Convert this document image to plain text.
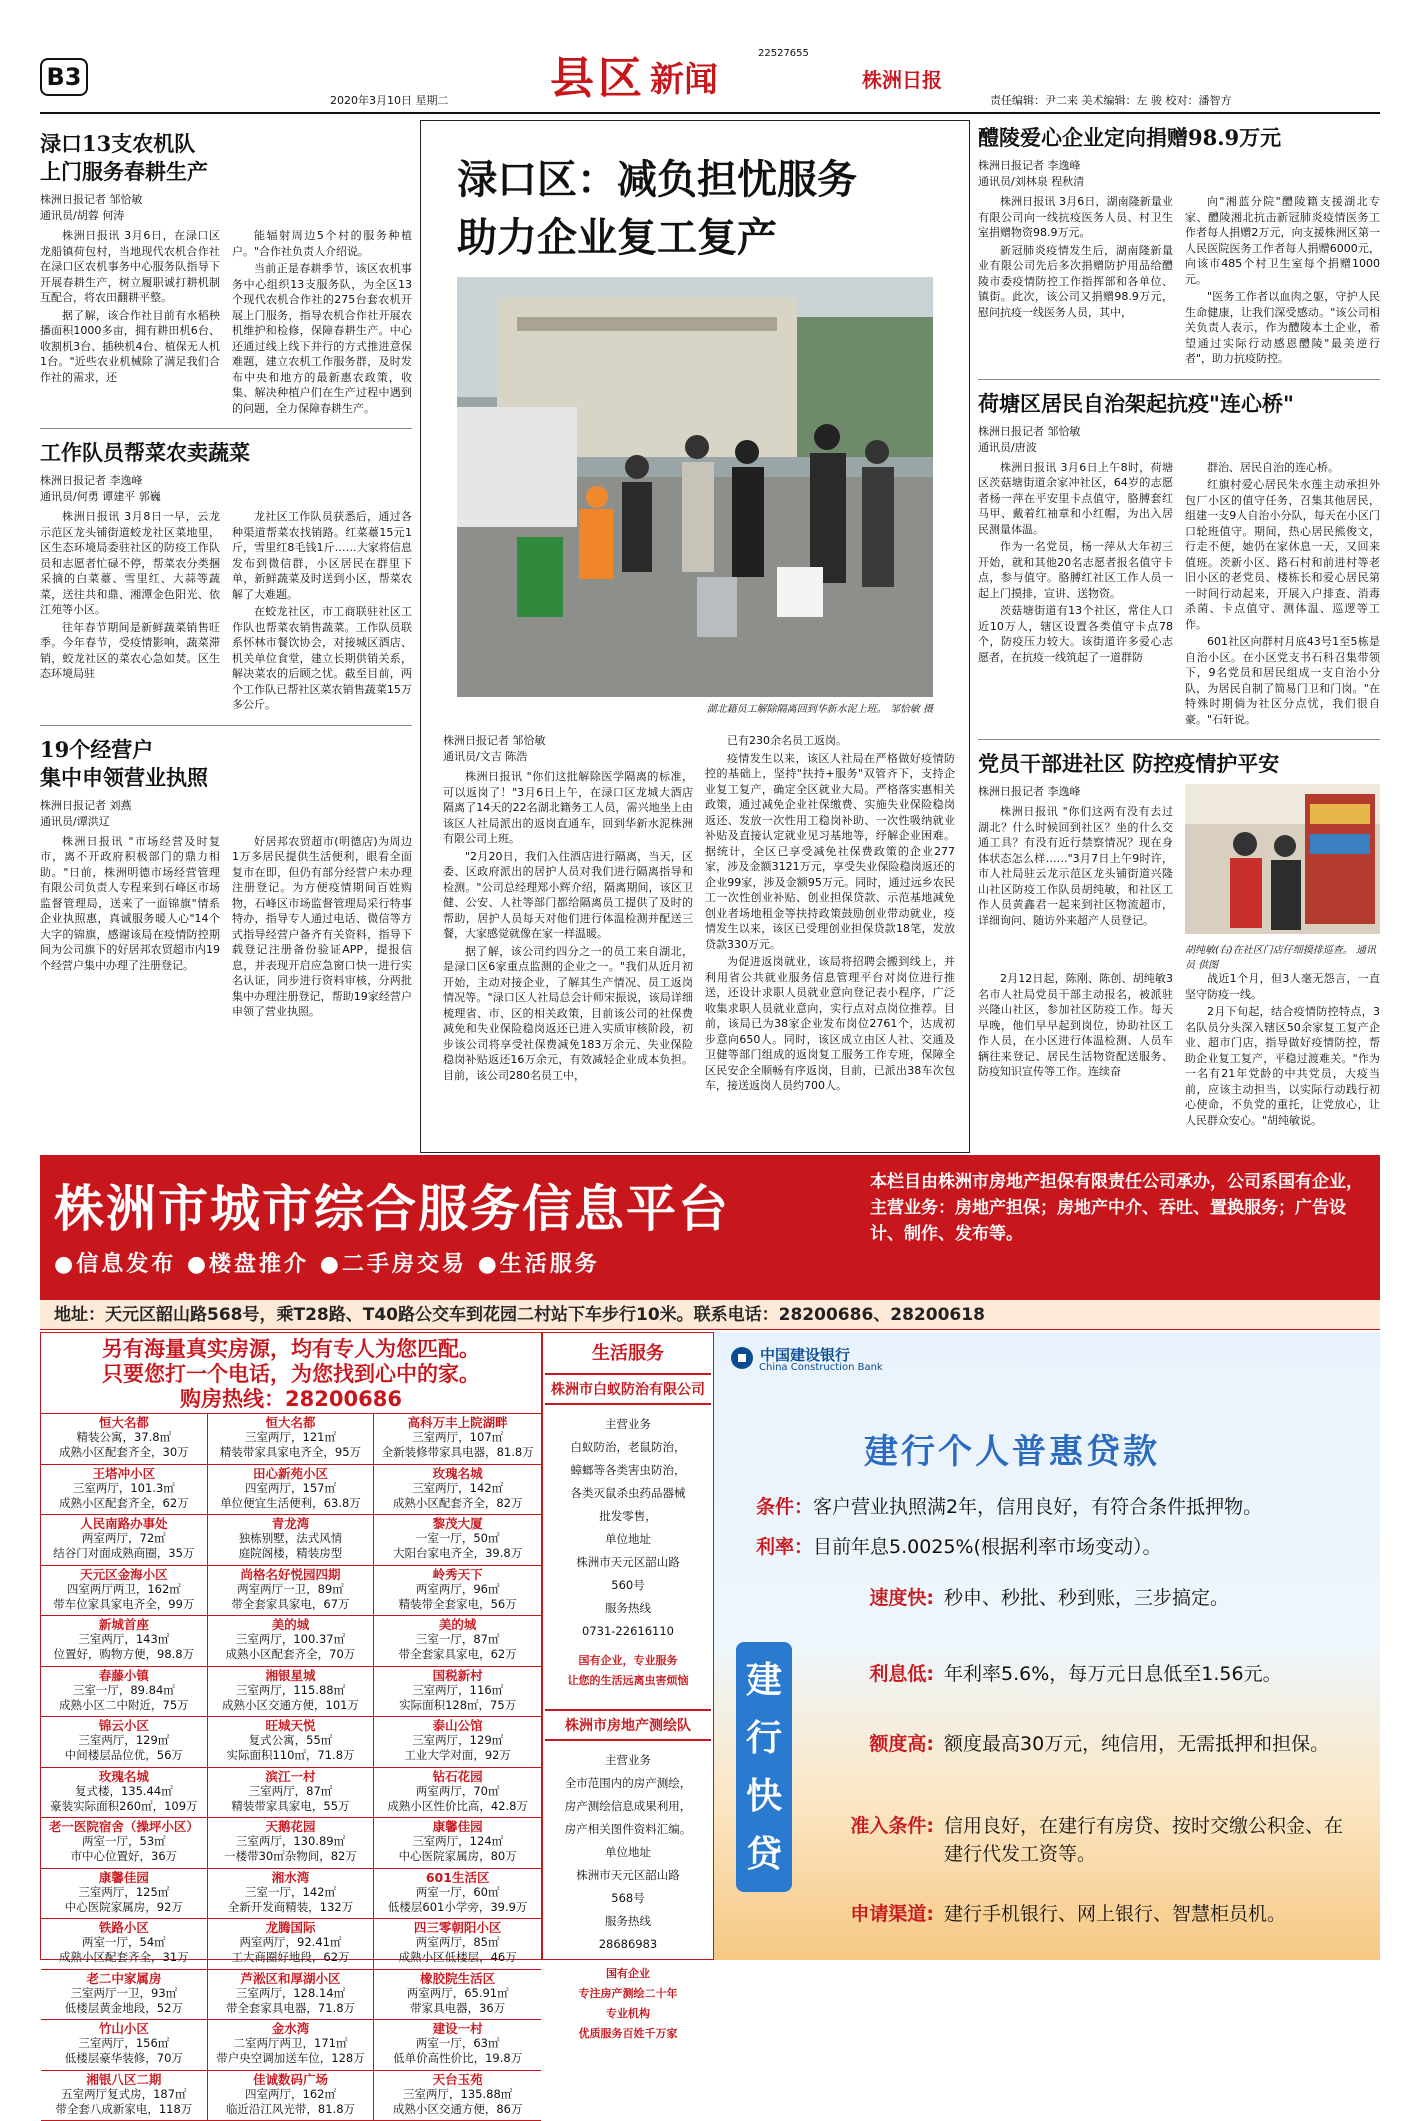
B3
2020年3月10日 星期二 县区 新闻
22527655
株洲日报
责任编辑：尹二来 美术编辑：左 骏 校对：潘智方
渌口13支农机队
上门服务春耕生产
株洲日报记者 邹恰敏
通讯员/胡蓉 何涛

株洲日报讯 3月6日，在渌口区龙船镇荷包村，当地现代农机合作社在渌口区农机事务中心服务队指导下开展春耕生产，树立履职诚打耕机制互配合，将农田翻耕平整。

据了解，该合作社目前有水稻秧播面积1000多亩，拥有耕田机6台、收割机3台、插秧机4台、植保无人机1台。"近些农业机械除了满足我们合作社的需求，还

能辐射周边5个村的服务种植户。"合作社负责人介绍说。

当前正是春耕季节，该区农机事务中心组织13支服务队，为全区13个现代农机合作社的275台套农机开展上门服务，指导农机合作社开展农机维护和检修，保障春耕生产。中心还通过线上线下并行的方式推进意保难题，建立农机工作服务群，及时发布中央和地方的最新惠农政策，收集、解决种植户们在生产过程中遇到的问题，全力保障春耕生产。

工作队员帮菜农卖蔬菜
株洲日报记者 李逸峰
通讯员/何勇 谭建平 郭巍

株洲日报讯 3月8日一早，云龙示范区龙头铺街道蛟龙社区菜地里，区生态环境局委驻社区的防疫工作队员和志愿者忙碌不停，帮菜农分类捆采摘的白菜薹、雪里红、大蒜等蔬菜，送往共和鼎、湘潭金色阳光、依江苑等小区。

往年春节期间是新鲜蔬菜销售旺季。今年春节，受疫情影响，蔬菜滞销，蛟龙社区的菜农心急如焚。区生态环境局驻

龙社区工作队员获悉后，通过各种渠道帮菜农找销路。红菜薹15元1斤，雪里红8毛钱1斤……大家将信息发布到微信群，小区居民在群里下单，新鲜蔬菜及时送到小区，帮菜农解了大难题。

在蛟龙社区，市工商联驻社区工作队也帮菜农销售蔬菜。工作队员联系怀林市餐饮协会，对接城区酒店、机关单位食堂，建立长期供销关系，解决菜农的后顾之忧。截至目前，两个工作队已帮社区菜农销售蔬菜15万多公斤。

19个经营户
集中申领营业执照
株洲日报记者 刘燕
通讯员/谭洪辽

株洲日报讯 "市场经营及时复市，离不开政府积极部门的鼎力相助。"日前，株洲明德市场经营管理有限公司负责人专程来到石峰区市场监督管理局，送来了一面锦旗"情系企业执照惠，真诚服务暖人心"14个大字的锦旗，感谢该局在疫情防控期间为公司旗下的好居邦农贸超市内19个经营户集中办理了注册登记。

好居邦农贸超市(明德店)为周边1万多居民提供生活便利，眼看全面复市在即，但仍有部分经营户未办理注册登记。为方便疫情期间百姓购物，石峰区市场监督管理局采行特事特办，指导专人通过电话、微信等方式指导经营户备齐有关资料，指导下载登记注册备份验证APP，提报信息，并表现开启应急窗口快一进行实名认证，同步进行资料审核，分两批集中办理注册登记，帮助19家经营户申领了营业执照。

渌口区：减负担忧服务
助力企业复工复产
湖北籍员工解除隔离回到华新水泥上班。 邹恰敏 摄
株洲日报记者 邹恰敏
通讯员/文吉 陈浩

株洲日报讯 "你们这批解除医学隔离的标准，可以返岗了！"3月6日上午，在渌口区龙城大酒店隔离了14天的22名湖北籍务工人员，需兴地坐上由该区人社局派出的返岗直通车，回到华新水泥株洲有限公司上班。

"2月20日，我们入住酒店进行隔离，当天，区委、区政府派出的居护人员对我们进行隔离指导和检测。"公司总经理郑小辉介绍，隔离期间，该区卫健、公安、人社等部门都给隔离员工提供了及时的帮助，居护人员每天对他们进行体温检测并配送三餐，大家感觉就像在家一样温暖。

据了解，该公司约四分之一的员工来自湖北，是渌口区6家重点监测的企业之一。"我们从近月初开始，主动对接企业，了解其生产情况、员工返岗情况等。"渌口区人社局总会计师宋振说，该局详细梳理省、市、区的相关政策，目前该公司的社保费减免和失业保险稳岗返还已进入实质审核阶段，初步该公司将享受社保费减免183万余元、失业保险稳岗补贴返还16万余元，有效减轻企业成本负担。目前，该公司280名员工中，

已有230余名员工返岗。

疫情发生以来，该区人社局在严格做好疫情防控的基础上，坚持"扶持+服务"双管齐下，支持企业复工复产，确定全区就业大局。严格落实惠相关政策，通过减免企业社保缴费、实施失业保险稳岗返还、发放一次性用工稳岗补助、一次性吸纳就业补贴及直接认定就业见习基地等，纾解企业困难。据统计，全区已享受减免社保费政策的企业277家，涉及金额3121万元，享受失业保险稳岗返还的企业99家，涉及金额95万元。同时，通过远乡农民工一次性创业补贴、创业担保贷款、示范基地减免创业者场地租金等扶持政策鼓励创业带动就业，疫情发生以来，该区已受理创业担保贷款18笔，发放贷款330万元。

为促进返岗就业，该局将招聘会搬到线上，并利用省公共就业服务信息管理平台对岗位进行推送，还设计求职人员就业意向登记表小程序，广泛收集求职人员就业意向，实行点对点岗位推荐。目前，该局已为38家企业发布岗位2761个，达成初步意向650人。同时，该区成立由区人社、交通及卫健等部门组成的返岗复工服务工作专班，保障全区民安企全顺畅有序返岗，目前，已派出38车次包车，接送返岗人员约700人。

醴陵爱心企业定向捐赠98.9万元
株洲日报记者 李逸峰
通讯员/刘林泉 程秋清

株洲日报讯 3月6日，湖南隆新量业有限公司向一线抗疫医务人员、村卫生室捐赠物资98.9万元。

新冠肺炎疫情发生后，湖南隆新量业有限公司先后多次捐赠防护用品给醴陵市委疫情防控工作指挥部和各单位、镇街。此次，该公司又捐赠98.9万元，慰问抗疫一线医务人员，其中，

向"湘蓝分院"醴陵籍支援湖北专家、醴陵湘北抗击新冠肺炎疫情医务工作者每人捐赠2万元，向支援株洲区第一人民医院医务工作者每人捐赠6000元，向该市485个村卫生室每个捐赠1000元。

"医务工作者以血肉之躯，守护人民生命健康，让我们深受感动。"该公司相关负责人表示，作为醴陵本土企业，希望通过实际行动感恩醴陵"最美逆行者"，助力抗疫防控。

荷塘区居民自治架起抗疫"连心桥"
株洲日报记者 邹恰敏
通讯员/唐波

株洲日报讯 3月6日上午8时，荷塘区茨菇塘街道余家冲社区，64岁的志愿者杨一萍在平安里卡点值守，胳膊套红马甲、戴着红袖章和小红帽，为出入居民测量体温。

作为一名党员，杨一萍从大年初三开始，就和其他20名志愿者报名值守卡点，参与值守。胳膊红社区工作人员一起上门摸排，宣讲、送物资。

茨菇塘街道有13个社区，常住人口近10万人，辖区设置各类值守卡点78个，防疫压力较大。该街道许多爱心志愿者，在抗疫一线筑起了一道群防

群治、居民自治的连心桥。

红旗村爱心居民朱水莲主动承担外包厂小区的值守任务，召集其他居民，组建一支9人自治小分队，每天在小区门口轮班值守。期间，热心居民熊俊文，行走不便，她仍在家休息一天，又回来值班。茨新小区、路石村和前进村等老旧小区的老党员、楼栋长和爱心居民第一时间行动起来，开展入户排查、消毒杀菌、卡点值守、测体温、巡逻等工作。

601社区向群村月底43号1至5栋是自治小区。在小区党支书石科召集带领下，9名党员和居民组成一支自治小分队，为居民自制了简易门卫和门岗。"在特殊时期倘为社区分点忧，我们很自豪。"石轩说。

党员干部进社区 防控疫情护平安
株洲日报记者 李逸峰

株洲日报讯 "你们这两有没有去过湖北？什么时候回到社区？坐的什么交通工具？有没有近行禁察情况？现在身体状态怎么样……"3月7日上午9时许，市人社局驻云龙示范区龙头铺街道兴隆山社区防疫工作队员胡纯敏，和社区工作人员黄鑫君一起来到社区物流超市，详细询问、随访外来超产人员登记。

胡纯敏(右)在社区门店仔细摸排巡查。 通讯员 供图

2月12日起，陈刚、陈创、胡纯敏3名市人社局党员干部主动报名，被派驻兴隆山社区，参加社区防疫工作。每天早晚，他们早早起到岗位，协助社区工作人员，在小区进行体温检测、人员车辆往来登记、居民生活物资配送服务、防疫知识宣传等工作。连续奋

战近1个月，但3人毫无怨言，一直坚守防疫一线。

2月下旬起，结合疫情防控特点，3名队员分头深入辖区50余家复工复产企业、超市门店，指导做好疫情防控，帮助企业复工复产，平稳过渡难关。"作为一名有21年党龄的中共党员，大疫当前，应该主动担当，以实际行动践行初心使命，不负党的重托，让党放心，让人民群众安心。"胡纯敏说。

株洲市城市综合服务信息平台
●信息发布 ●楼盘推介 ●二手房交易 ●生活服务
本栏目由株洲市房地产担保有限责任公司承办，公司系国有企业，主营业务：房地产担保；房地产中介、吞吐、置换服务；广告设计、制作、发布等。
地址：天元区韶山路568号，乘T28路、T40路公交车到花园二村站下车步行10米。联系电话：28200686、28200618
另有海量真实房源，均有专人为您匹配。
只要您打一个电话，为您找到心中的家。
购房热线：28200686
恒大名都
精装公寓，37.8㎡
成熟小区配套齐全，30万
恒大名都
三室两厅，121㎡
精装带家具家电齐全，95万
高科万丰上院湖畔
三室两厅，107㎡
全新装修带家具电器，81.8万
王塔冲小区
三室两厅，101.3㎡
成熟小区配套齐全，62万
田心新苑小区
四室两厅，157㎡
单位便宜生活便利，63.8万
玫瑰名城
三室两厅，142㎡
成熟小区配套齐全，82万
人民南路办事处
两室两厅，72㎡
结谷门对面成熟商圈，35万
青龙湾
独栋别墅，法式风情
庭院阁楼，精装房型
黎茂大厦
一室一厅，50㎡
大阳台家电齐全，39.8万
天元区金海小区
四室两厅两卫，162㎡
带车位家具家电齐全，99万
尚格名好悦园四期
两室两厅一卫，89㎡
带全套家具家电，67万
岭秀天下
两室两厅，96㎡
精装带全套家电，56万
新城首座
三室两厅，143㎡
位置好，购物方便，98.8万
美的城
三室两厅，100.37㎡
成熟小区配套齐全，70万
美的城
三室一厅，87㎡
带全套家具家电，62万
春藤小镇
三室一厅，89.84㎡
成熟小区二中附近，75万
湘银星城
三室两厅，115.88㎡
成熟小区交通方便，101万
国税新村
三室两厅，116㎡
实际面积128㎡，75万
锦云小区
三室两厅，129㎡
中间楼层品位优，56万
旺城天悦
复式公寓，55㎡
实际面积110㎡，71.8万
泰山公馆
三室两厅，129㎡
工业大学对面，92万
玫瑰名城
复式楼，135.44㎡
豪装实际面积260㎡，109万
滨江一村
三室两厅，87㎡
精装带家具家电，55万
钻石花园
两室两厅，70㎡
成熟小区性价比高，42.8万
老一医院宿舍（操坪小区）
两室一厅，53㎡
市中心位置好，36万
天鹅花园
三室两厅，130.89㎡
一楼带30㎡杂物间，82万
康馨佳园
三室两厅，124㎡
中心医院家属房，80万
康馨佳园
三室两厅，125㎡
中心医院家属房，92万
湘水湾
三室一厅，142㎡
全新开发商精装，132万
601生活区
两室一厅，60㎡
低楼层601小学旁，39.9万
铁路小区
两室一厅，54㎡
成熟小区配套齐全，31万
龙腾国际
两室两厅，92.41㎡
工大商圈好地段，62万
四三零朝阳小区
两室两厅，85㎡
成熟小区低楼层，46万
老二中家属房
三室两厅一卫，93㎡
低楼层黄金地段，52万
芦淞区和厚湖小区
三室两厅，128.14㎡
带全套家具电器，71.8万
橡胶院生活区
两室两厅，65.91㎡
带家具电器，36万
竹山小区
三室两厅，156㎡
低楼层豪华装修，70万
金水湾
二室两厅两卫，171㎡
带户央空调加送车位，128万
建设一村
两室一厅，63㎡
低单价高性价比，19.8万
湘银八区二期
五室两厅复式房，187㎡
带全套八成新家电，118万
佳诚数码广场
四室两厅，162㎡
临近沿江风光带，81.8万
天台玉苑
三室两厅，135.88㎡
成熟小区交通方便，86万
生活服务
株洲市白蚁防治有限公司
主营业务
白蚁防治，老鼠防治，
蟑螂等各类害虫防治，
各类灭鼠杀虫药品器械
批发零售，
单位地址
株洲市天元区韶山路
560号
服务热线
0731-22616110
国有企业，专业服务
让您的生活远离虫害烦恼
株洲市房地产测绘队
主营业务
全市范围内的房产测绘，
房产测绘信息成果利用，
房产相关图件资料汇编。
单位地址
株洲市天元区韶山路
568号
服务热线
28686983
国有企业
专注房产测绘二十年
专业机构
优质服务百姓千万家
中国建设银行
China Construction Bank
建行个人普惠贷款
条件：客户营业执照满2年，信用良好，有符合条件抵押物。
利率：目前年息5.0025%(根据利率市场变动）。
建行快贷
速度快: 秒申、秒批、秒到账，三步搞定。
利息低: 年利率5.6%，每万元日息低至1.56元。
额度高: 额度最高30万元，纯信用，无需抵押和担保。
准入条件: 信用良好，在建行有房贷、按时交缴公积金、在建行代发工资等。
申请渠道: 建行手机银行、网上银行、智慧柜员机。
